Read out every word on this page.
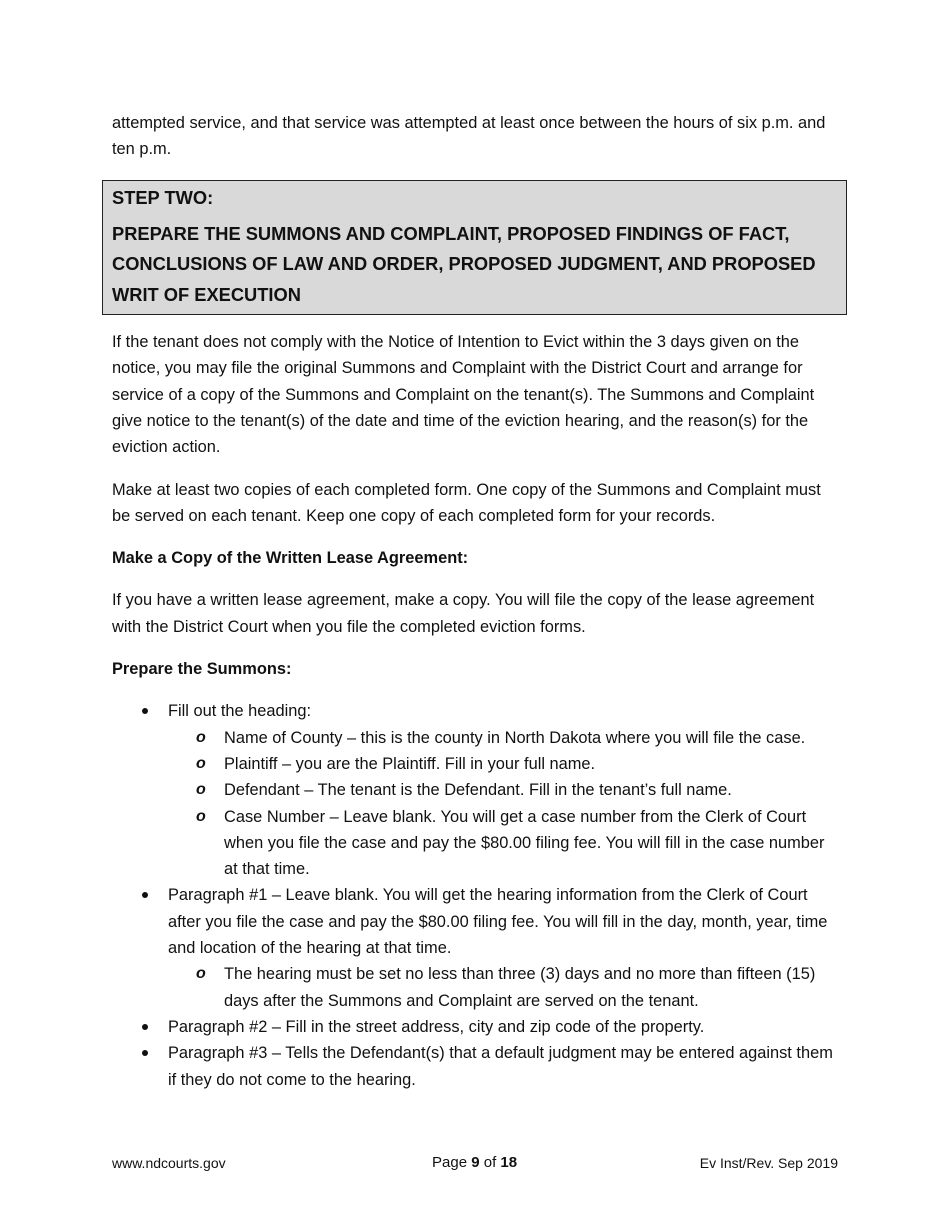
attempted service, and that service was attempted at least once between the hours of six p.m. and ten p.m.

STEP TWO:
PREPARE THE SUMMONS AND COMPLAINT, PROPOSED FINDINGS OF FACT, CONCLUSIONS OF LAW AND ORDER, PROPOSED JUDGMENT, AND PROPOSED WRIT OF EXECUTION

If the tenant does not comply with the Notice of Intention to Evict within the 3 days given on the notice, you may file the original Summons and Complaint with the District Court and arrange for service of a copy of the Summons and Complaint on the tenant(s). The Summons and Complaint give notice to the tenant(s) of the date and time of the eviction hearing, and the reason(s) for the eviction action.

Make at least two copies of each completed form. One copy of the Summons and Complaint must be served on each tenant. Keep one copy of each completed form for your records.

Make a Copy of the Written Lease Agreement:

If you have a written lease agreement, make a copy. You will file the copy of the lease agreement with the District Court when you file the completed eviction forms.

Prepare the Summons:

Fill out the heading:
o Name of County – this is the county in North Dakota where you will file the case.
o Plaintiff – you are the Plaintiff. Fill in your full name.
o Defendant – The tenant is the Defendant. Fill in the tenant’s full name.
o Case Number – Leave blank. You will get a case number from the Clerk of Court when you file the case and pay the $80.00 filing fee. You will fill in the case number at that time.
Paragraph #1 – Leave blank. You will get the hearing information from the Clerk of Court after you file the case and pay the $80.00 filing fee. You will fill in the day, month, year, time and location of the hearing at that time.
o The hearing must be set no less than three (3) days and no more than fifteen (15) days after the Summons and Complaint are served on the tenant.
Paragraph #2 – Fill in the street address, city and zip code of the property.
Paragraph #3 – Tells the Defendant(s) that a default judgment may be entered against them if they do not come to the hearing.
www.ndcourts.gov	Page 9 of 18	Ev Inst/Rev. Sep 2019
